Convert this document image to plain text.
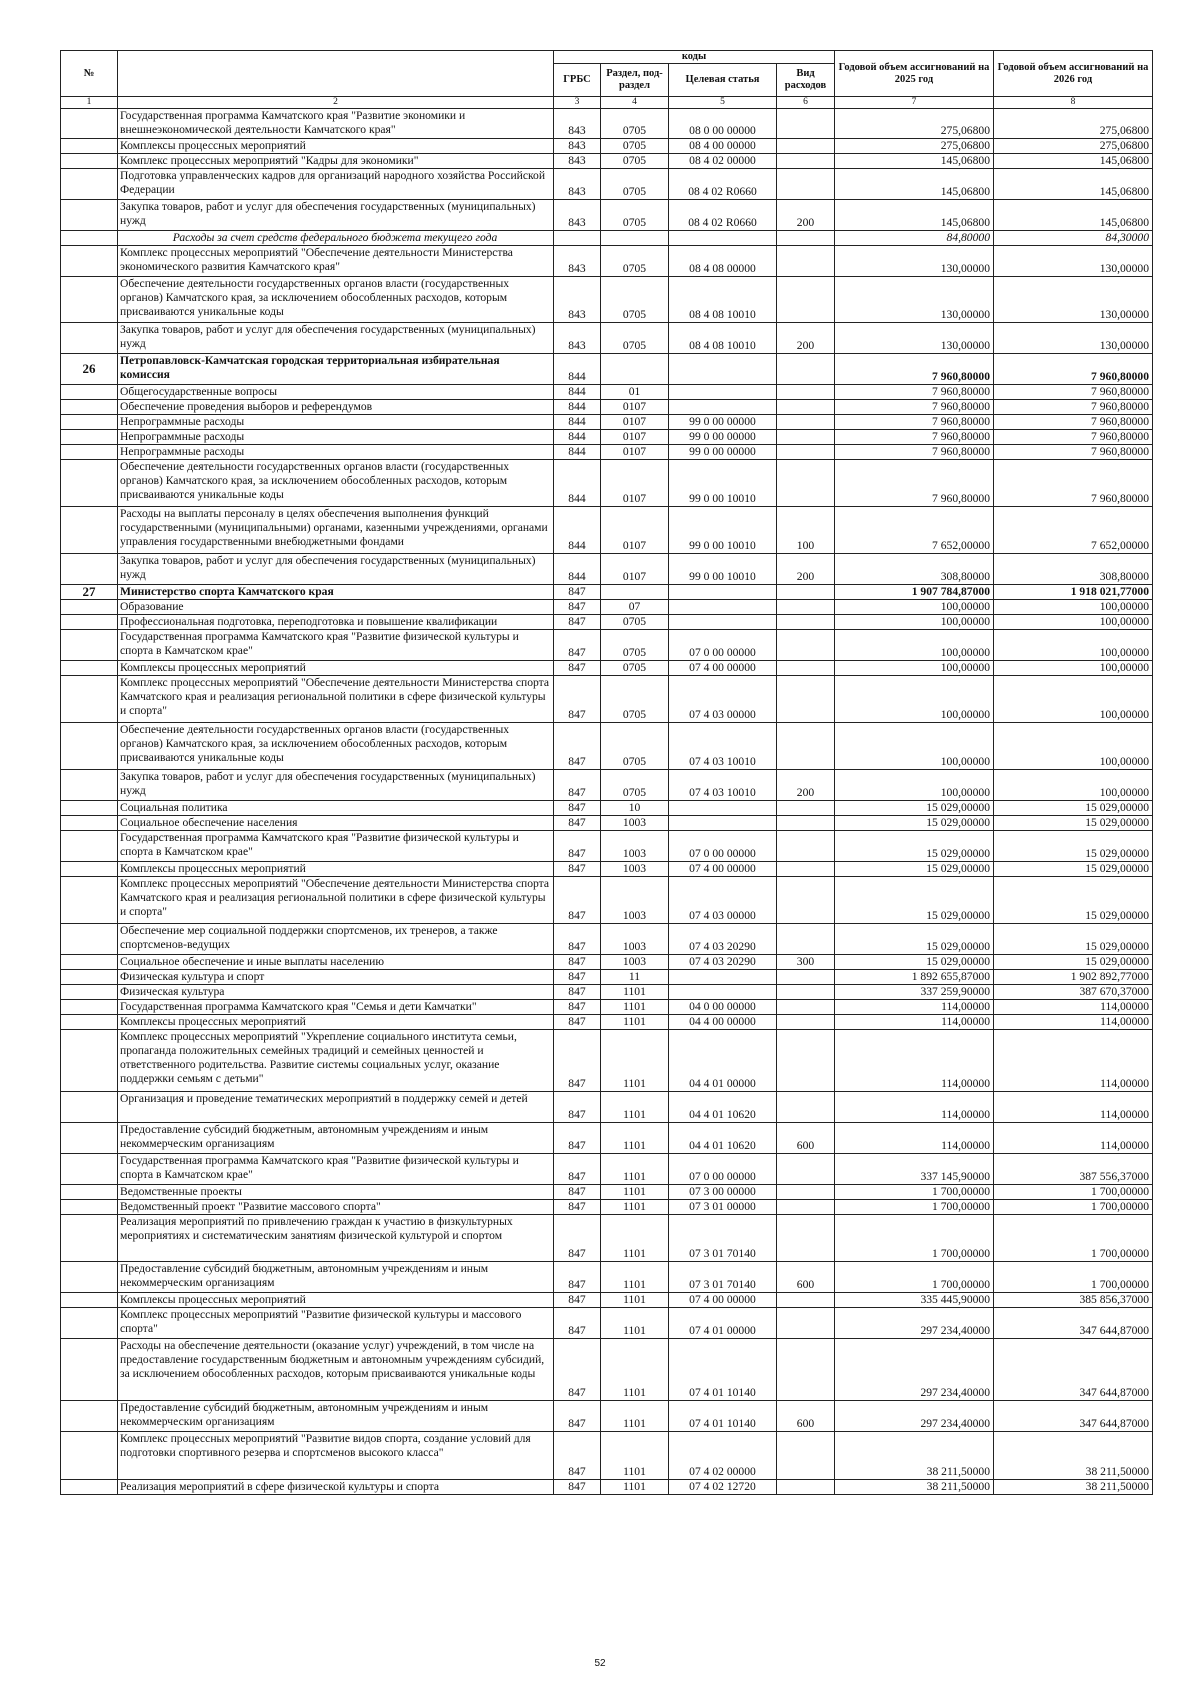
№		коды				Годовой объем ассигнований на 2025 год	Годовой объем ассигнований на 2026 год
		ГРБС	Раздел, под-раздел	Целевая статья	Вид расходов		
1	2	3	4	5	6	7	8
	Государственная программа Камчатского края "Развитие экономики и внешнеэкономической деятельности Камчатского края"	843	0705	08 0 00 00000		275,06800	275,06800
	Комплексы процессных мероприятий	843	0705	08 4 00 00000		275,06800	275,06800
	Комплекс процессных мероприятий "Кадры для экономики"	843	0705	08 4 02 00000		145,06800	145,06800
	Подготовка управленческих кадров для организаций народного хозяйства Российской Федерации	843	0705	08 4 02 R0660		145,06800	145,06800
	Закупка товаров, работ и услуг для обеспечения государственных (муниципальных) нужд	843	0705	08 4 02 R0660	200	145,06800	145,06800
	Расходы за счет средств федерального бюджета текущего года					84,80000	84,30000
	Комплекс процессных мероприятий "Обеспечение деятельности Министерства экономического развития Камчатского края"	843	0705	08 4 08 00000		130,00000	130,00000
	Обеспечение деятельности государственных органов власти (государственных органов) Камчатского края, за исключением обособленных расходов, которым присваиваются уникальные коды	843	0705	08 4 08 10010		130,00000	130,00000
	Закупка товаров, работ и услуг для обеспечения государственных (муниципальных) нужд	843	0705	08 4 08 10010	200	130,00000	130,00000
26	Петропавловск-Камчатская городская территориальная избирательная комиссия	844				7 960,80000	7 960,80000
	Общегосударственные вопросы	844	01			7 960,80000	7 960,80000
	Обеспечение проведения выборов и референдумов	844	0107			7 960,80000	7 960,80000
	Непрограммные расходы	844	0107	99 0 00 00000		7 960,80000	7 960,80000
	Непрограммные расходы	844	0107	99 0 00 00000		7 960,80000	7 960,80000
	Непрограммные расходы	844	0107	99 0 00 00000		7 960,80000	7 960,80000
	Обеспечение деятельности государственных органов власти (государственных органов) Камчатского края, за исключением обособленных расходов, которым присваиваются уникальные коды	844	0107	99 0 00 10010		7 960,80000	7 960,80000
	Расходы на выплаты персоналу в целях обеспечения выполнения функций государственными (муниципальными) органами, казенными учреждениями, органами управления государственными внебюджетными фондами	844	0107	99 0 00 10010	100	7 652,00000	7 652,00000
	Закупка товаров, работ и услуг для обеспечения государственных (муниципальных) нужд	844	0107	99 0 00 10010	200	308,80000	308,80000
27	Министерство спорта Камчатского края	847				1 907 784,87000	1 918 021,77000
	Образование	847	07			100,00000	100,00000
	Профессиональная подготовка, переподготовка и повышение квалификации	847	0705			100,00000	100,00000
	Государственная программа Камчатского края "Развитие физической культуры и спорта в Камчатском крае"	847	0705	07 0 00 00000		100,00000	100,00000
	Комплексы процессных мероприятий	847	0705	07 4 00 00000		100,00000	100,00000
	Комплекс процессных мероприятий "Обеспечение деятельности Министерства спорта Камчатского края и реализация региональной политики в сфере физической культуры и спорта"	847	0705	07 4 03 00000		100,00000	100,00000
	Обеспечение деятельности государственных органов власти (государственных органов) Камчатского края, за исключением обособленных расходов, которым присваиваются уникальные коды	847	0705	07 4 03 10010		100,00000	100,00000
	Закупка товаров, работ и услуг для обеспечения государственных (муниципальных) нужд	847	0705	07 4 03 10010	200	100,00000	100,00000
	Социальная политика	847	10			15 029,00000	15 029,00000
	Социальное обеспечение населения	847	1003			15 029,00000	15 029,00000
	Государственная программа Камчатского края "Развитие физической культуры и спорта в Камчатском крае"	847	1003	07 0 00 00000		15 029,00000	15 029,00000
	Комплексы процессных мероприятий	847	1003	07 4 00 00000		15 029,00000	15 029,00000
	Комплекс процессных мероприятий "Обеспечение деятельности Министерства спорта Камчатского края и реализация региональной политики в сфере физической культуры и спорта"	847	1003	07 4 03 00000		15 029,00000	15 029,00000
	Обеспечение мер социальной поддержки спортсменов, их тренеров, а также спортсменов-ведущих	847	1003	07 4 03 20290		15 029,00000	15 029,00000
	Социальное обеспечение и иные выплаты населению	847	1003	07 4 03 20290	300	15 029,00000	15 029,00000
	Физическая культура и спорт	847	11			1 892 655,87000	1 902 892,77000
	Физическая культура	847	1101			337 259,90000	387 670,37000
	Государственная программа Камчатского края "Семья и дети Камчатки"	847	1101	04 0 00 00000		114,00000	114,00000
	Комплексы процессных мероприятий	847	1101	04 4 00 00000		114,00000	114,00000
	Комплекс процессных мероприятий "Укрепление социального института семьи, пропаганда положительных семейных традиций и семейных ценностей и ответственного родительства. Развитие системы социальных услуг, оказание поддержки семьям с детьми"	847	1101	04 4 01 00000		114,00000	114,00000
	Организация и проведение тематических мероприятий в поддержку семей и детей	847	1101	04 4 01 10620		114,00000	114,00000
	Предоставление субсидий бюджетным, автономным учреждениям и иным некоммерческим организациям	847	1101	04 4 01 10620	600	114,00000	114,00000
	Государственная программа Камчатского края "Развитие физической культуры и спорта в Камчатском крае"	847	1101	07 0 00 00000		337 145,90000	387 556,37000
	Ведомственные проекты	847	1101	07 3 00 00000		1 700,00000	1 700,00000
	Ведомственный проект "Развитие массового спорта"	847	1101	07 3 01 00000		1 700,00000	1 700,00000
	Реализация мероприятий по привлечению граждан к участию в физкультурных мероприятиях и систематическим занятиям физической культурой и спортом	847	1101	07 3 01 70140		1 700,00000	1 700,00000
	Предоставление субсидий бюджетным, автономным учреждениям и иным некоммерческим организациям	847	1101	07 3 01 70140	600	1 700,00000	1 700,00000
	Комплексы процессных мероприятий	847	1101	07 4 00 00000		335 445,90000	385 856,37000
	Комплекс процессных мероприятий "Развитие физической культуры и массового спорта"	847	1101	07 4 01 00000		297 234,40000	347 644,87000
	Расходы на обеспечение деятельности (оказание услуг) учреждений, в том числе на предоставление государственным бюджетным и автономным учреждениям субсидий, за исключением обособленных расходов, которым присваиваются уникальные коды	847	1101	07 4 01 10140		297 234,40000	347 644,87000
	Предоставление субсидий бюджетным, автономным учреждениям и иным некоммерческим организациям	847	1101	07 4 01 10140	600	297 234,40000	347 644,87000
	Комплекс процессных мероприятий "Развитие видов спорта, создание условий для подготовки спортивного резерва и спортсменов высокого класса"	847	1101	07 4 02 00000		38 211,50000	38 211,50000
	Реализация мероприятий в сфере физической культуры и спорта	847	1101	07 4 02 12720		38 211,50000	38 211,50000
52
